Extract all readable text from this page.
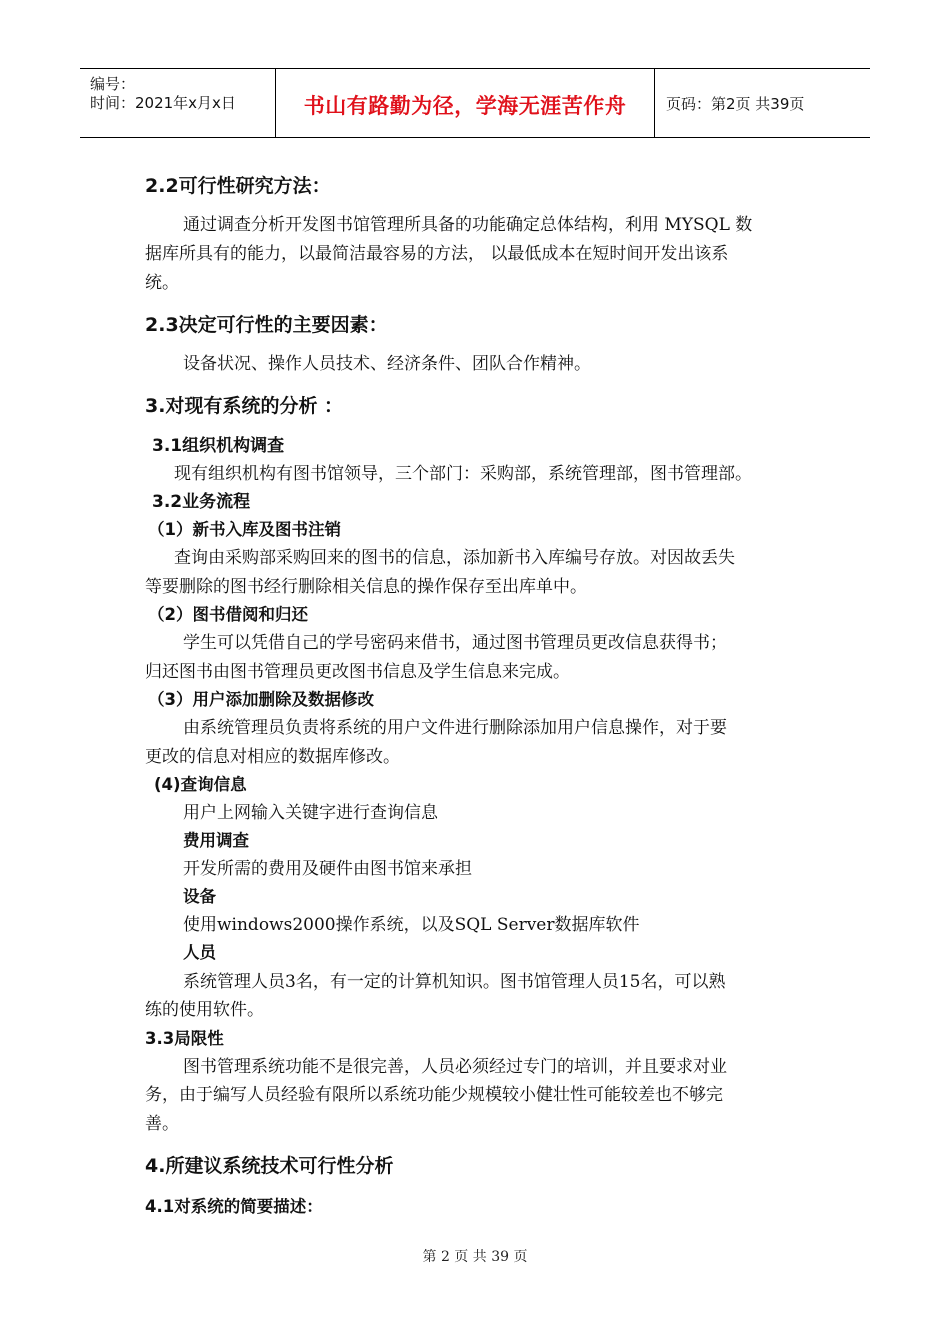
编号：
时间：2021年x月x日	书山有路勤为径，学海无涯苦作舟	页码：第2页 共39页
2.2可行性研究方法：
通过调查分析开发图书馆管理所具备的功能确定总体结构，利用 MYSQL 数
据库所具有的能力，以最简洁最容易的方法， 以最低成本在短时间开发出该系
统。
2.3决定可行性的主要因素：
设备状况、操作人员技术、经济条件、团队合作精神。
3.对现有系统的分析 ：
3.1组织机构调查
现有组织机构有图书馆领导，三个部门：采购部，系统管理部，图书管理部。
3.2业务流程
（1）新书入库及图书注销
查询由采购部采购回来的图书的信息，添加新书入库编号存放。对因故丢失
等要删除的图书经行删除相关信息的操作保存至出库单中。
（2）图书借阅和归还
学生可以凭借自己的学号密码来借书，通过图书管理员更改信息获得书；
归还图书由图书管理员更改图书信息及学生信息来完成。
（3）用户添加删除及数据修改
由系统管理员负责将系统的用户文件进行删除添加用户信息操作，对于要
更改的信息对相应的数据库修改。
(4)查询信息
用户上网输入关键字进行查询信息
费用调查
开发所需的费用及硬件由图书馆来承担
设备
使用windows2000操作系统，以及SQL Server数据库软件
人员
系统管理人员3名，有一定的计算机知识。图书馆管理人员15名，可以熟
练的使用软件。
3.3局限性
图书管理系统功能不是很完善，人员必须经过专门的培训，并且要求对业
务，由于编写人员经验有限所以系统功能少规模较小健壮性可能较差也不够完
善。
4.所建议系统技术可行性分析
4.1对系统的简要描述：
第 2 页 共 39 页
